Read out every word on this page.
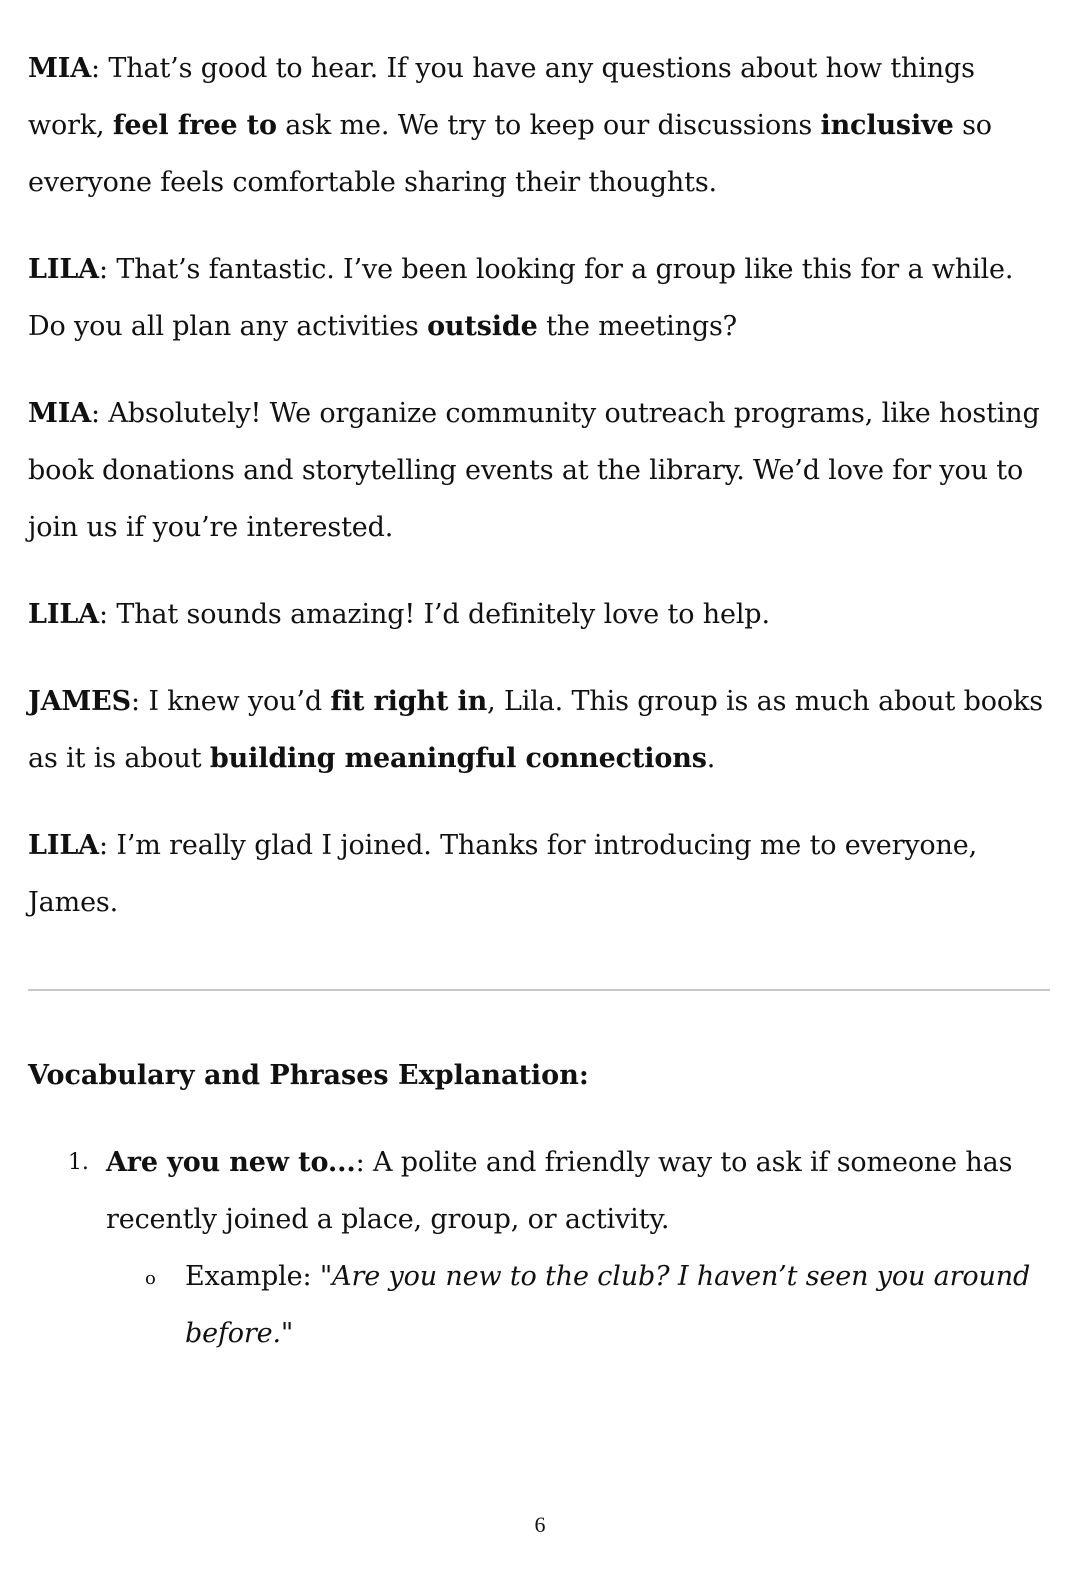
MIA: That’s good to hear. If you have any questions about how things work, feel free to ask me. We try to keep our discussions inclusive so everyone feels comfortable sharing their thoughts.

LILA: That’s fantastic. I’ve been looking for a group like this for a while. Do you all plan any activities outside the meetings?

MIA: Absolutely! We organize community outreach programs, like hosting book donations and storytelling events at the library. We’d love for you to join us if you’re interested.

LILA: That sounds amazing! I’d definitely love to help.

JAMES: I knew you’d fit right in, Lila. This group is as much about books as it is about building meaningful connections.

LILA: I’m really glad I joined. Thanks for introducing me to everyone, James.

Vocabulary and Phrases Explanation:
1. Are you new to...: A polite and friendly way to ask if someone has recently joined a place, group, or activity.
o Example: "Are you new to the club? I haven’t seen you around before."
6
